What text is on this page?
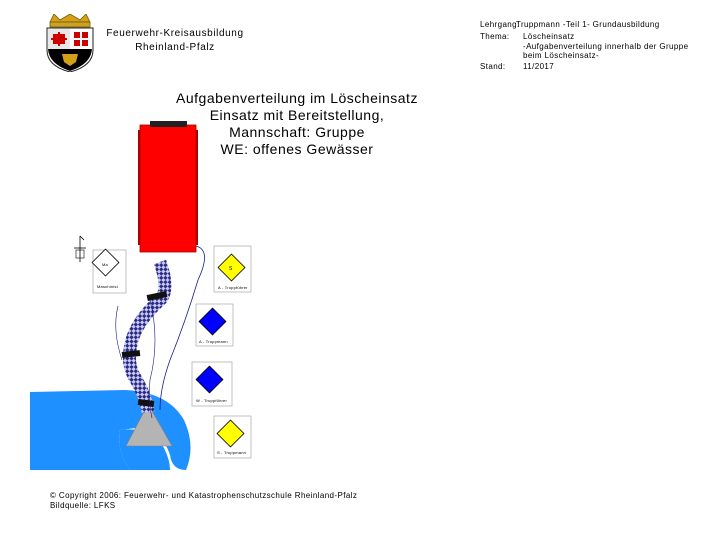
Feuerwehr-Kreisausbildung
Rheinland-Pfalz
Lehrgang:
Truppmann -Teil 1- Grundausbildung
Thema: Löscheinsatz
-Aufgabenverteilung innerhalb der Gruppe
beim Löscheinsatz-
Stand: 11/2017
Aufgabenverteilung im Löscheinsatz
Einsatz mit Bereitstellung,
Mannschaft: Gruppe
WE: offenes Gewässer
Ma
Maschinist
S
A - Truppführer
A - Truppmann
W - Truppführer
S - Truppmann
© Copyright 2006: Feuerwehr- und Katastrophenschutzschule Rheinland-Pfalz
Bildquelle: LFKS
